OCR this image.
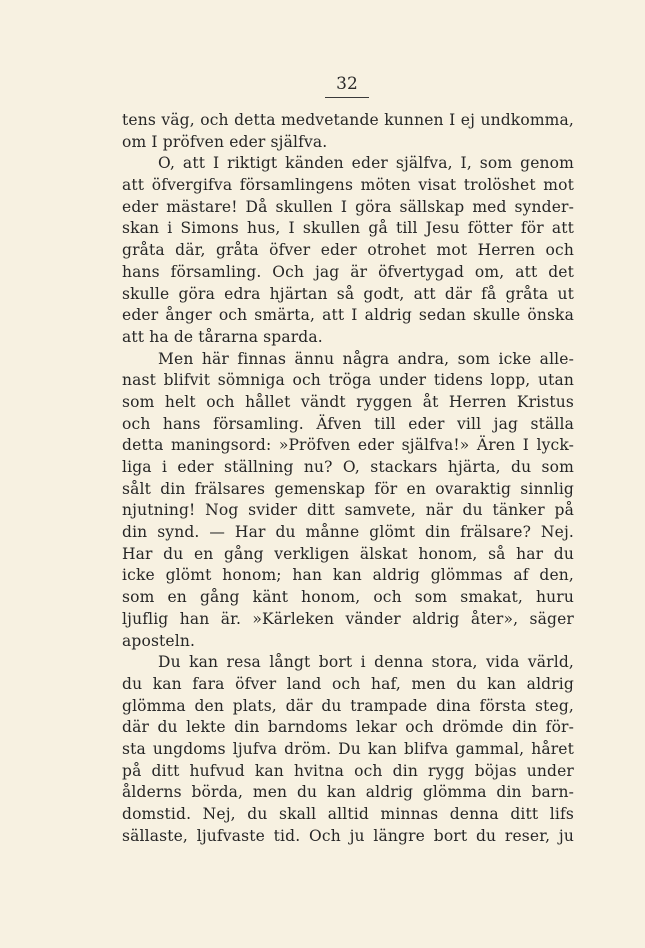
32
tens väg, och detta medvetande kunnen I ej undkomma,
om I pröfven eder själfva.
O, att I riktigt känden eder själfva, I, som genom
att öfvergifva församlingens möten visat trolöshet mot
eder mästare! Då skullen I göra sällskap med synder-
skan i Simons hus, I skullen gå till Jesu fötter för att
gråta där, gråta öfver eder otrohet mot Herren och
hans församling. Och jag är öfvertygad om, att det
skulle göra edra hjärtan så godt, att där få gråta ut
eder ånger och smärta, att I aldrig sedan skulle önska
att ha de tårarna sparda.
Men här finnas ännu några andra, som icke alle-
nast blifvit sömniga och tröga under tidens lopp, utan
som helt och hållet vändt ryggen åt Herren Kristus
och hans församling. Äfven till eder vill jag ställa
detta maningsord: »Pröfven eder själfva!» Ären I lyck-
liga i eder ställning nu? O, stackars hjärta, du som
sålt din frälsares gemenskap för en ovaraktig sinnlig
njutning! Nog svider ditt samvete, när du tänker på
din synd. — Har du månne glömt din frälsare? Nej.
Har du en gång verkligen älskat honom, så har du
icke glömt honom; han kan aldrig glömmas af den,
som en gång känt honom, och som smakat, huru
ljuflig han är. »Kärleken vänder aldrig åter», säger
aposteln.
Du kan resa långt bort i denna stora, vida värld,
du kan fara öfver land och haf, men du kan aldrig
glömma den plats, där du trampade dina första steg,
där du lekte din barndoms lekar och drömde din för-
sta ungdoms ljufva dröm. Du kan blifva gammal, håret
på ditt hufvud kan hvitna och din rygg böjas under
ålderns börda, men du kan aldrig glömma din barn-
domstid. Nej, du skall alltid minnas denna ditt lifs
sällaste, ljufvaste tid. Och ju längre bort du reser, ju
